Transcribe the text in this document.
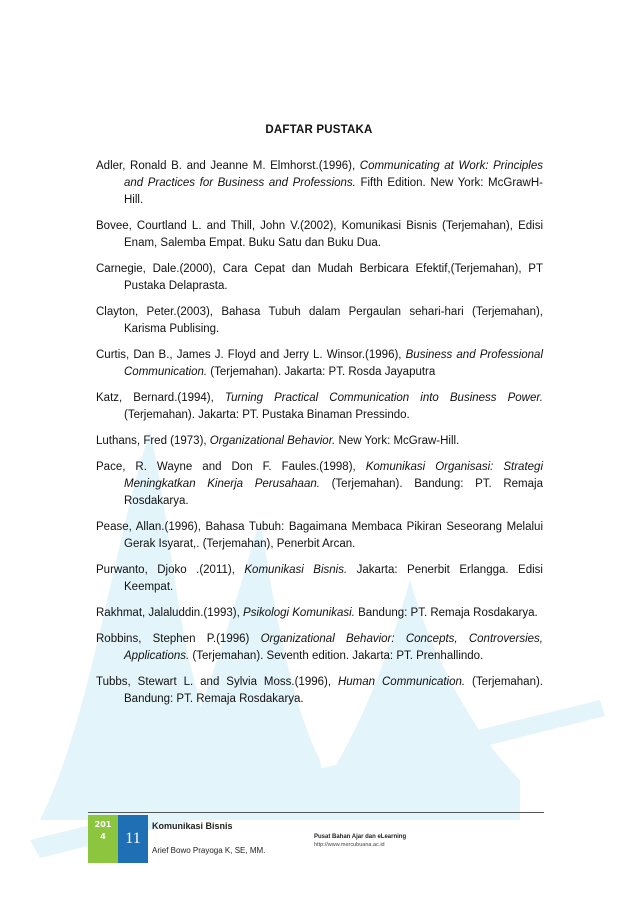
DAFTAR PUSTAKA
Adler, Ronald B. and Jeanne M. Elmhorst.(1996), Communicating at Work: Principles and Practices for Business and Professions. Fifth Edition. New York: McGrawH-Hill.
Bovee, Courtland L. and Thill, John V.(2002), Komunikasi Bisnis (Terjemahan), Edisi Enam, Salemba Empat. Buku Satu dan Buku Dua.
Carnegie, Dale.(2000), Cara Cepat dan Mudah Berbicara Efektif,(Terjemahan), PT Pustaka Delaprasta.
Clayton, Peter.(2003), Bahasa Tubuh dalam Pergaulan sehari-hari (Terjemahan), Karisma Publising.
Curtis, Dan B., James J. Floyd and Jerry L. Winsor.(1996), Business and Professional Communication. (Terjemahan). Jakarta: PT. Rosda Jayaputra
Katz, Bernard.(1994), Turning Practical Communication into Business Power. (Terjemahan). Jakarta: PT. Pustaka Binaman Pressindo.
Luthans, Fred (1973), Organizational Behavior. New York: McGraw-Hill.
Pace, R. Wayne and Don F. Faules.(1998), Komunikasi Organisasi: Strategi Meningkatkan Kinerja Perusahaan. (Terjemahan). Bandung: PT. Remaja Rosdakarya.
Pease, Allan.(1996), Bahasa Tubuh: Bagaimana Membaca Pikiran Seseorang Melalui Gerak Isyarat,. (Terjemahan), Penerbit Arcan.
Purwanto, Djoko .(2011), Komunikasi Bisnis. Jakarta: Penerbit Erlangga. Edisi Keempat.
Rakhmat, Jalaluddin.(1993), Psikologi Komunikasi. Bandung: PT. Remaja Rosdakarya.
Robbins, Stephen P.(1996) Organizational Behavior: Concepts, Controversies, Applications. (Terjemahan). Seventh edition. Jakarta: PT. Prenhallindo.
Tubbs, Stewart L. and Sylvia Moss.(1996), Human Communication. (Terjemahan). Bandung: PT. Remaja Rosdakarya.
201
4	11
Komunikasi Bisnis
Arief Bowo Prayoga K, SE, MM.
Pusat Bahan Ajar dan eLearning
http://www.mercubuana.ac.id
